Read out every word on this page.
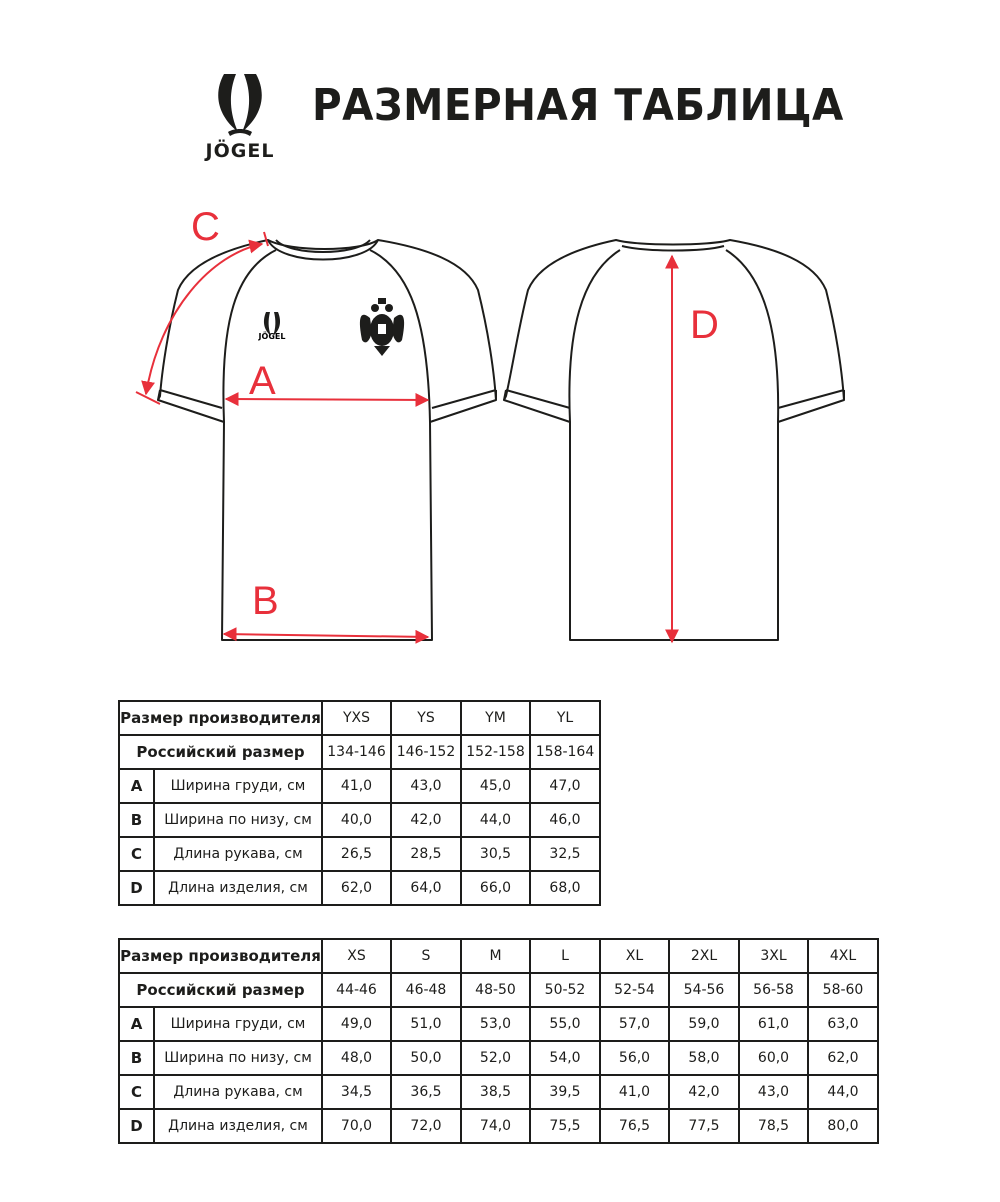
JÖGEL
РАЗМЕРНАЯ ТАБЛИЦА
JÖGEL
A
B
C
D
Размер производителя		YXS	YS	YM	YL
Российский размер		134-146	146-152	152-158	158-164
A	Ширина груди, см	41,0	43,0	45,0	47,0
B	Ширина по низу, см	40,0	42,0	44,0	46,0
C	Длина рукава, см	26,5	28,5	30,5	32,5
D	Длина изделия, см	62,0	64,0	66,0	68,0
Размер производителя		XS	S	M	L	XL	2XL	3XL	4XL
Российский размер		44-46	46-48	48-50	50-52	52-54	54-56	56-58	58-60
A	Ширина груди, см	49,0	51,0	53,0	55,0	57,0	59,0	61,0	63,0
B	Ширина по низу, см	48,0	50,0	52,0	54,0	56,0	58,0	60,0	62,0
C	Длина рукава, см	34,5	36,5	38,5	39,5	41,0	42,0	43,0	44,0
D	Длина изделия, см	70,0	72,0	74,0	75,5	76,5	77,5	78,5	80,0
